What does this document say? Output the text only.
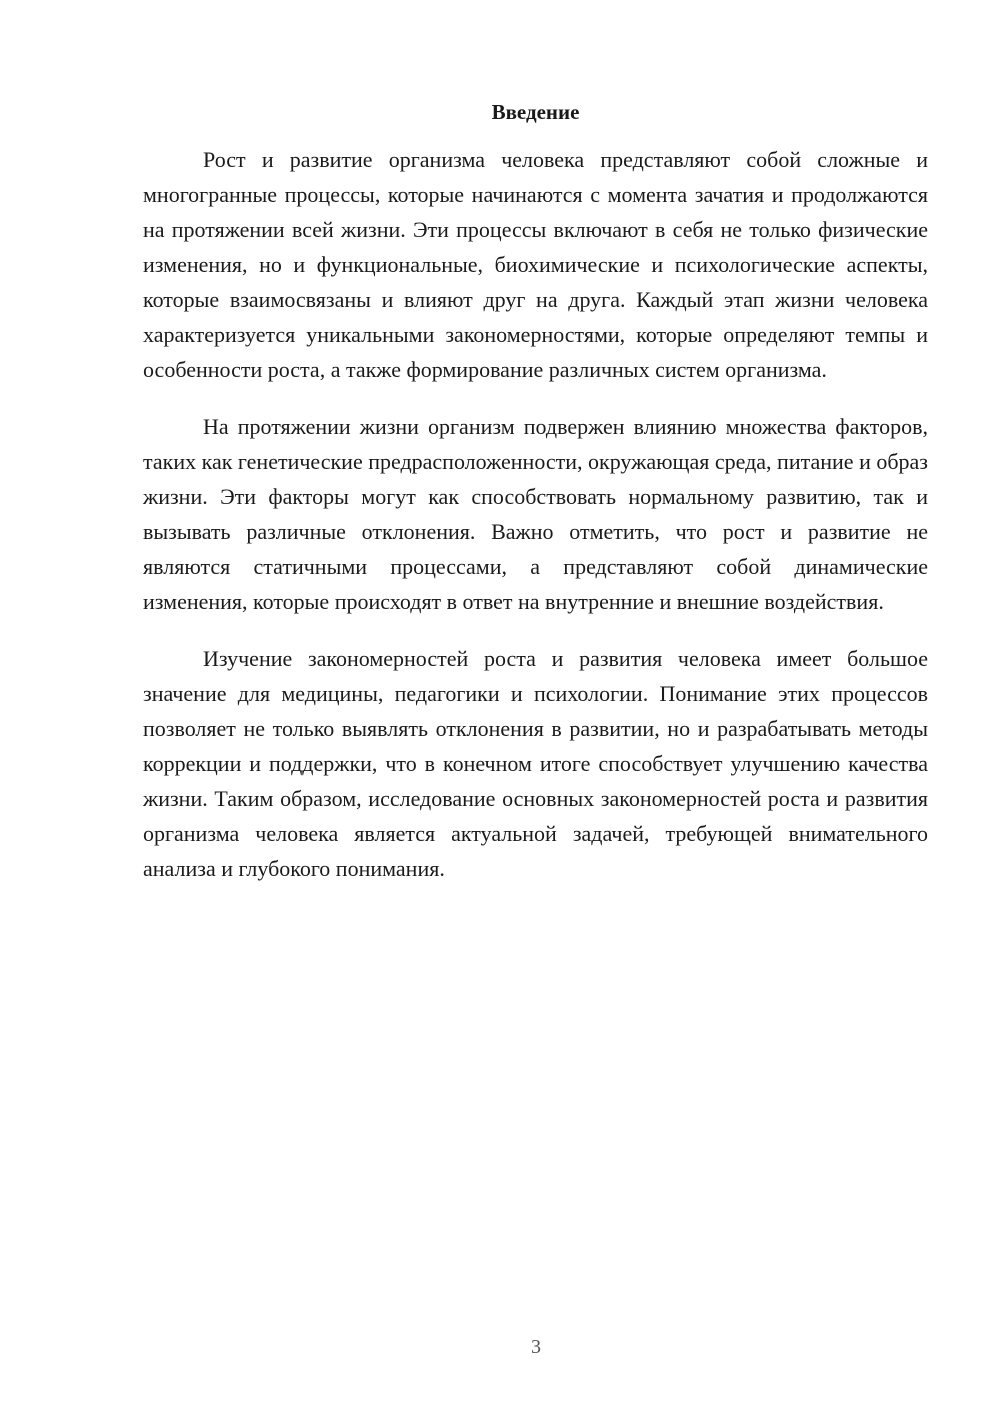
Введение

Рост и развитие организма человека представляют собой сложные и многогранные процессы, которые начинаются с момента зачатия и продолжаются на протяжении всей жизни. Эти процессы включают в себя не только физические изменения, но и функциональные, биохимические и психологические аспекты, которые взаимосвязаны и влияют друг на друга. Каждый этап жизни человека характеризуется уникальными закономерностями, которые определяют темпы и особенности роста, а также формирование различных систем организма.

На протяжении жизни организм подвержен влиянию множества факторов, таких как генетические предрасположенности, окружающая среда, питание и образ жизни. Эти факторы могут как способствовать нормальному развитию, так и вызывать различные отклонения. Важно отметить, что рост и развитие не являются статичными процессами, а представляют собой динамические изменения, которые происходят в ответ на внутренние и внешние воздействия.

Изучение закономерностей роста и развития человека имеет большое значение для медицины, педагогики и психологии. Понимание этих процессов позволяет не только выявлять отклонения в развитии, но и разрабатывать методы коррекции и поддержки, что в конечном итоге способствует улучшению качества жизни. Таким образом, исследование основных закономерностей роста и развития организма человека является актуальной задачей, требующей внимательного анализа и глубокого понимания.

3
